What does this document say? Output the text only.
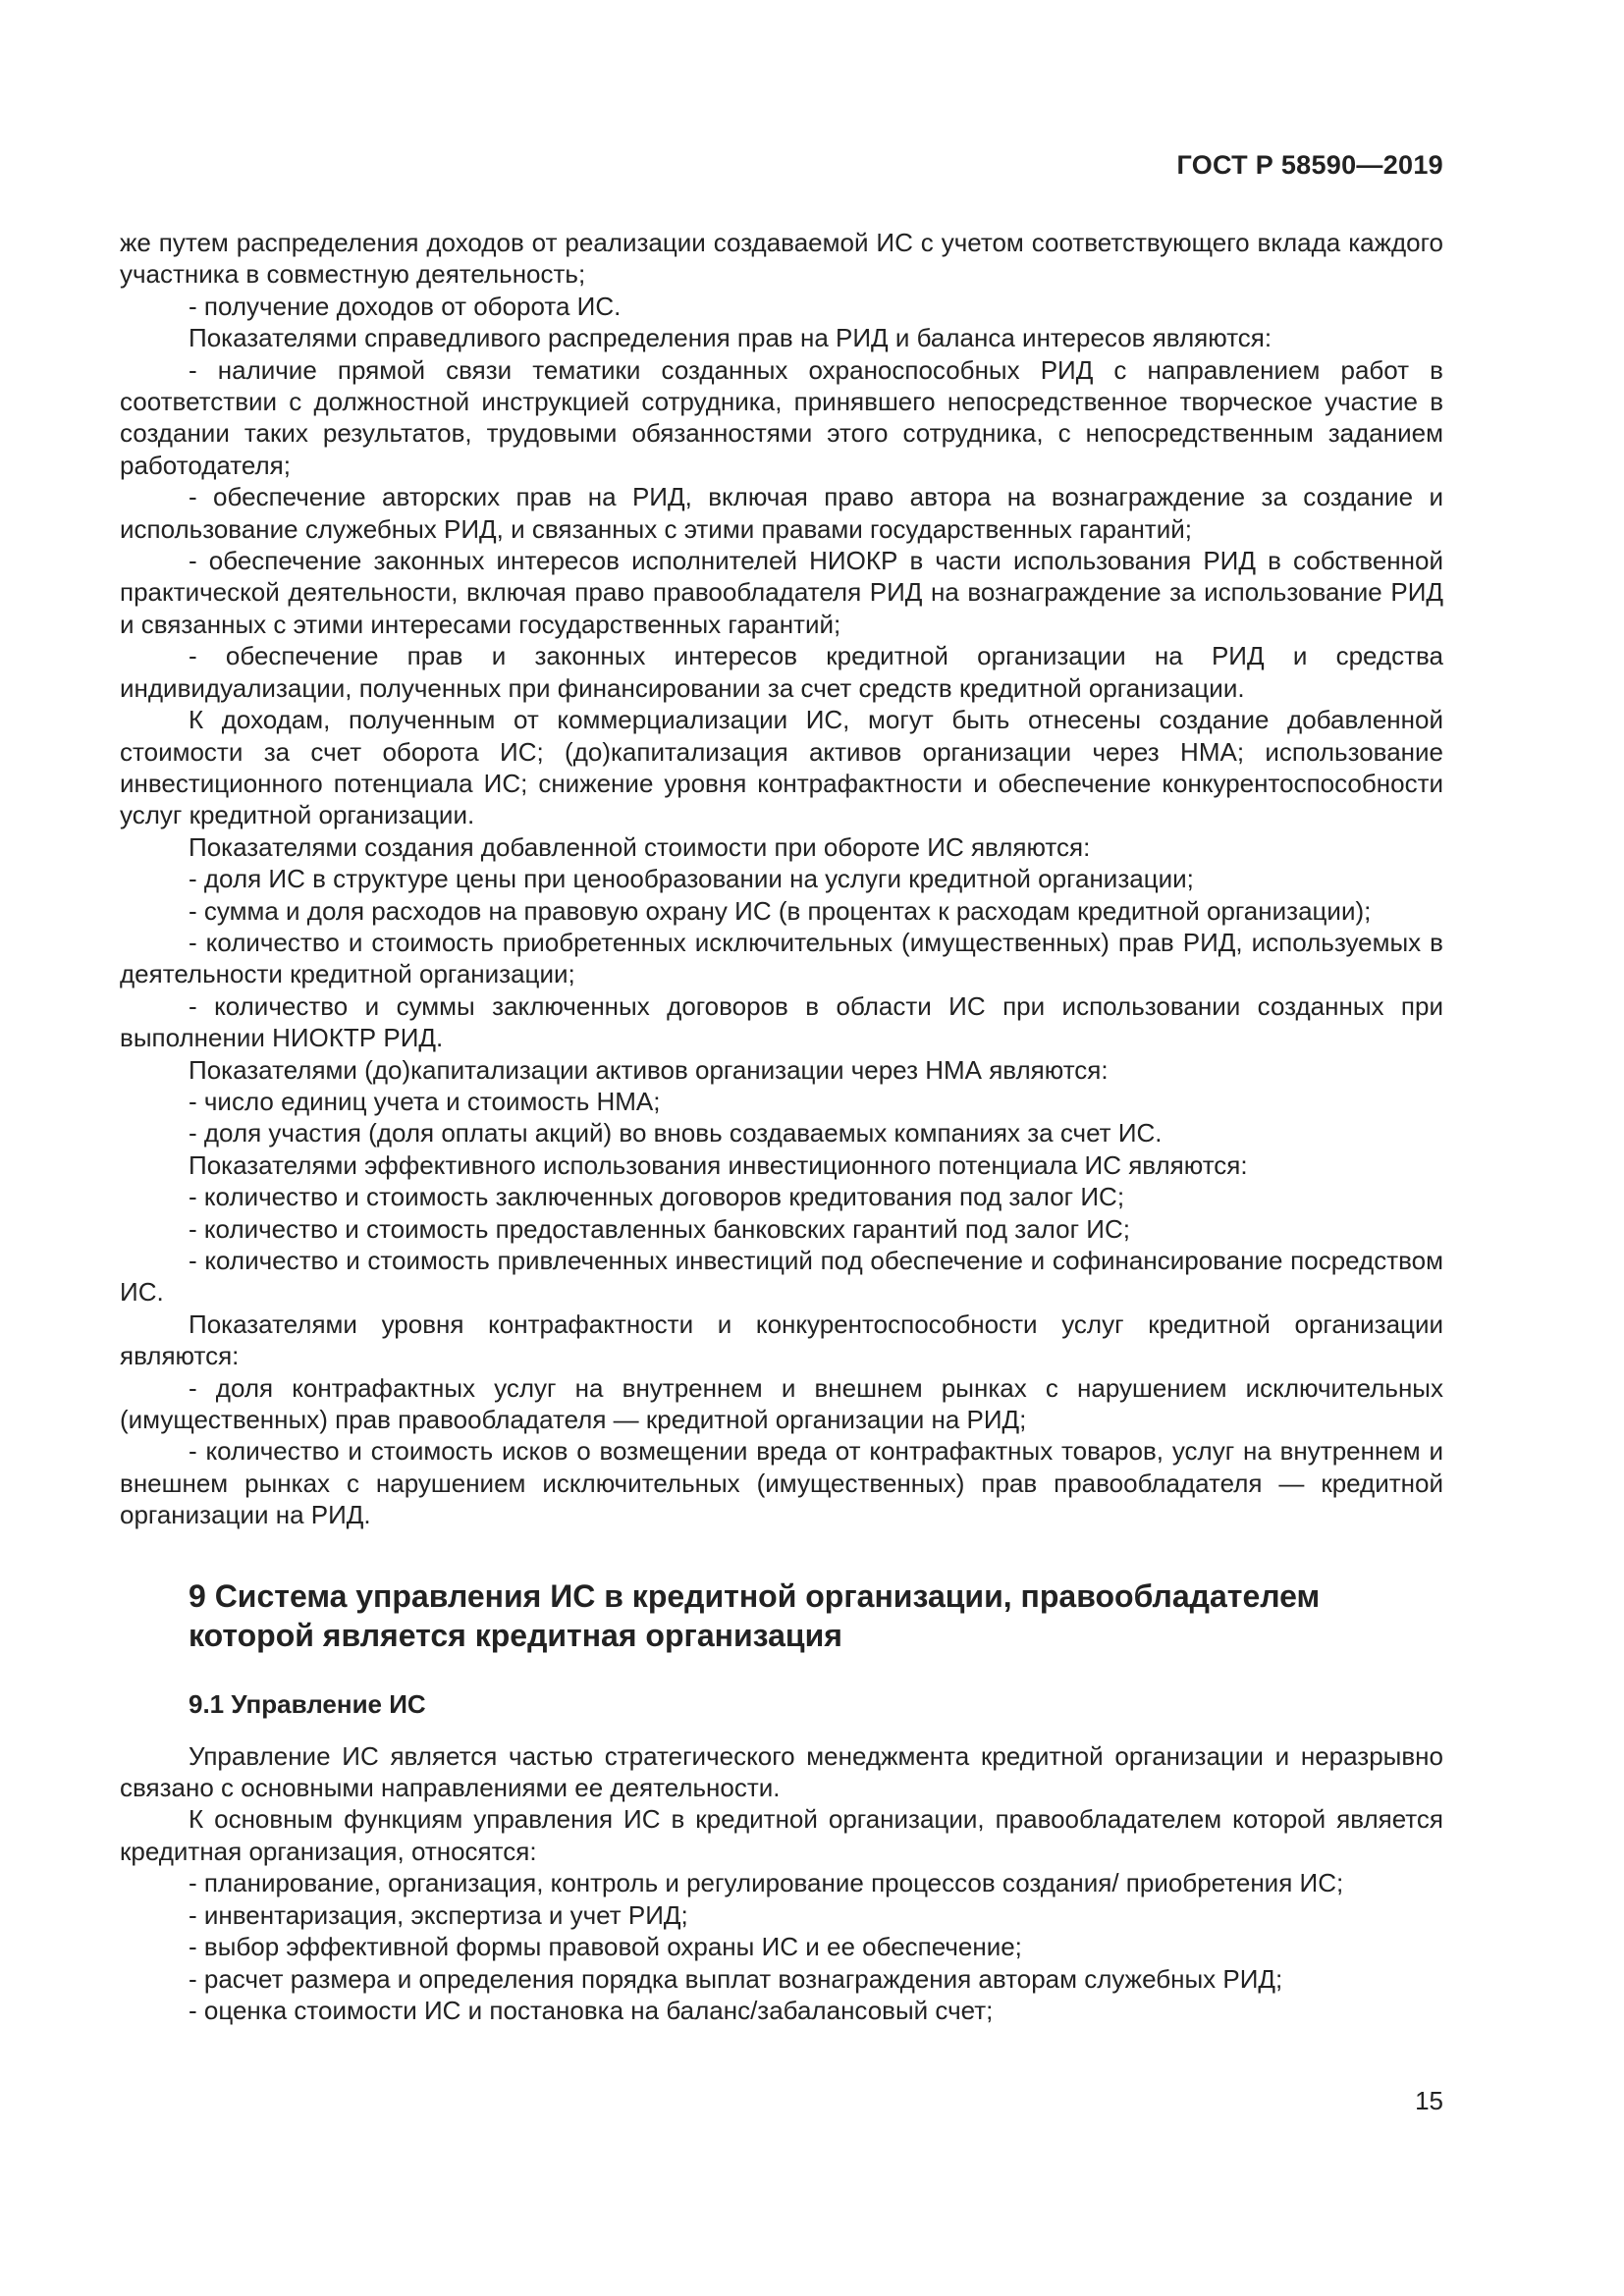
ГОСТ Р 58590—2019

же путем распределения доходов от реализации создаваемой ИС с учетом соответствующего вклада каждого участника в совместную деятельность;

- получение доходов от оборота ИС.

Показателями справедливого распределения прав на РИД и баланса интересов являются:

- наличие прямой связи тематики созданных охраноспособных РИД с направлением работ в соответствии с должностной инструкцией сотрудника, принявшего непосредственное творческое участие в создании таких результатов, трудовыми обязанностями этого сотрудника, с непосредственным заданием работодателя;

- обеспечение авторских прав на РИД, включая право автора на вознаграждение за создание и использование служебных РИД, и связанных с этими правами государственных гарантий;

- обеспечение законных интересов исполнителей НИОКР в части использования РИД в собственной практической деятельности, включая право правообладателя РИД на вознаграждение за использование РИД и связанных с этими интересами государственных гарантий;

- обеспечение прав и законных интересов кредитной организации на РИД и средства индивидуализации, полученных при финансировании за счет средств кредитной организации.

К доходам, полученным от коммерциализации ИС, могут быть отнесены создание добавленной стоимости за счет оборота ИС; (до)капитализация активов организации через НМА; использование инвестиционного потенциала ИС; снижение уровня контрафактности и обеспечение конкурентоспособности услуг кредитной организации.

Показателями создания добавленной стоимости при обороте ИС являются:

- доля ИС в структуре цены при ценообразовании на услуги кредитной организации;

- сумма и доля расходов на правовую охрану ИС (в процентах к расходам кредитной организации);

- количество и стоимость приобретенных исключительных (имущественных) прав РИД, используемых в деятельности кредитной организации;

- количество и суммы заключенных договоров в области ИС при использовании созданных при выполнении НИОКТР РИД.

Показателями (до)капитализации активов организации через НМА являются:

- число единиц учета и стоимость НМА;

- доля участия (доля оплаты акций) во вновь создаваемых компаниях за счет ИС.

Показателями эффективного использования инвестиционного потенциала ИС являются:

- количество и стоимость заключенных договоров кредитования под залог ИС;

- количество и стоимость предоставленных банковских гарантий под залог ИС;

- количество и стоимость привлеченных инвестиций под обеспечение и софинансирование посредством ИС.

Показателями уровня контрафактности и конкурентоспособности услуг кредитной организации являются:

- доля контрафактных услуг на внутреннем и внешнем рынках с нарушением исключительных (имущественных) прав правообладателя — кредитной организации на РИД;

- количество и стоимость исков о возмещении вреда от контрафактных товаров, услуг на внутреннем и внешнем рынках с нарушением исключительных (имущественных) прав правообладателя — кредитной организации на РИД.

9 Система управления ИС в кредитной организации, правообладателем которой является кредитная организация
9.1 Управление ИС

Управление ИС является частью стратегического менеджмента кредитной организации и неразрывно связано с основными направлениями ее деятельности.

К основным функциям управления ИС в кредитной организации, правообладателем которой является кредитная организация, относятся:

- планирование, организация, контроль и регулирование процессов создания/ приобретения ИС;

- инвентаризация, экспертиза и учет РИД;

- выбор эффективной формы правовой охраны ИС и ее обеспечение;

- расчет размера и определения порядка выплат вознаграждения авторам служебных РИД;

- оценка стоимости ИС и постановка на баланс/забалансовый счет;

15
